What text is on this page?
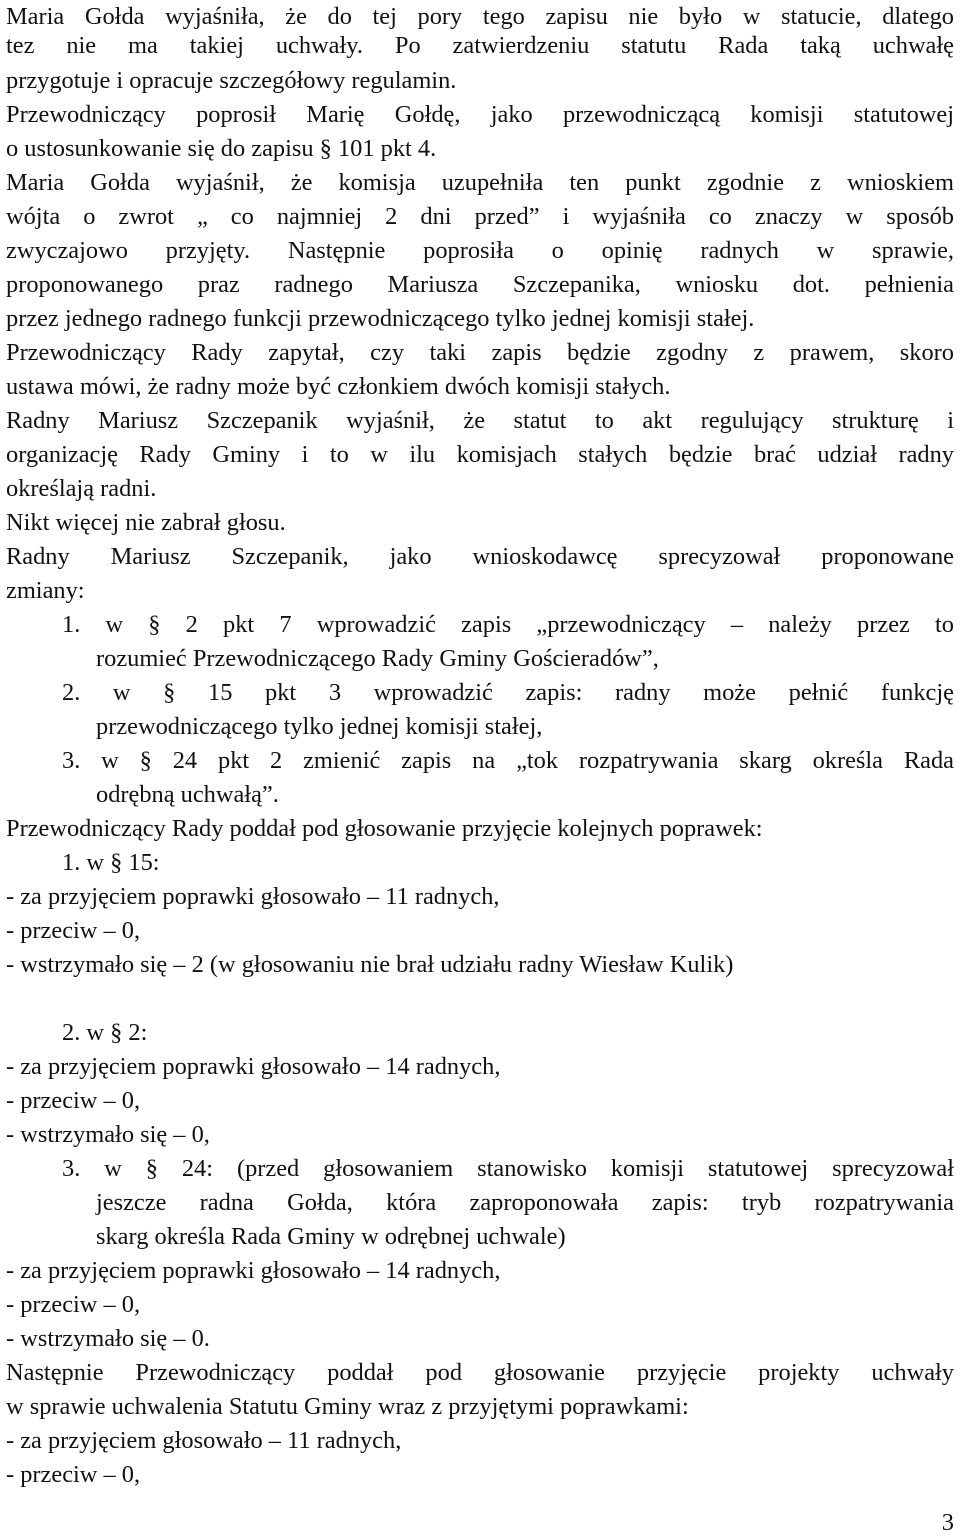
Maria Gołda wyjaśniła, że do tej pory tego zapisu nie było w statucie, dlatego
tez nie ma takiej uchwały. Po zatwierdzeniu statutu Rada taką uchwałę
przygotuje i opracuje szczegółowy regulamin.
Przewodniczący poprosił Marię Gołdę, jako przewodniczącą komisji statutowej
o ustosunkowanie się do zapisu § 101 pkt 4.
Maria Gołda wyjaśnił, że komisja uzupełniła ten punkt zgodnie z wnioskiem
wójta o zwrot „ co najmniej 2 dni przed” i wyjaśniła co znaczy w sposób
zwyczajowo przyjęty. Następnie poprosiła o opinię radnych w sprawie,
proponowanego praz radnego Mariusza Szczepanika, wniosku dot. pełnienia
przez jednego radnego funkcji przewodniczącego tylko jednej komisji stałej.
Przewodniczący Rady zapytał, czy taki zapis będzie zgodny z prawem, skoro
ustawa mówi, że radny może być członkiem dwóch komisji stałych.
Radny Mariusz Szczepanik wyjaśnił, że statut to akt regulujący strukturę i
organizację Rady Gminy i to w ilu komisjach stałych będzie brać udział radny
określają radni.
Nikt więcej nie zabrał głosu.
Radny Mariusz Szczepanik, jako wnioskodawcę sprecyzował proponowane
zmiany:
1. w § 2 pkt 7 wprowadzić zapis „przewodniczący – należy przez to
rozumieć Przewodniczącego Rady Gminy Gościeradów”,
2. w § 15 pkt 3 wprowadzić zapis: radny może pełnić funkcję
przewodniczącego tylko jednej komisji stałej,
3. w § 24 pkt 2 zmienić zapis na „tok rozpatrywania skarg określa Rada
odrębną uchwałą”.
Przewodniczący Rady poddał pod głosowanie przyjęcie kolejnych poprawek:
1. w § 15:
- za przyjęciem poprawki głosowało – 11 radnych,
- przeciw – 0,
- wstrzymało się – 2 (w głosowaniu nie brał udziału radny Wiesław Kulik)
2. w § 2:
- za przyjęciem poprawki głosowało – 14 radnych,
- przeciw – 0,
- wstrzymało się – 0,
3. w § 24: (przed głosowaniem stanowisko komisji statutowej sprecyzował
jeszcze radna Gołda, która zaproponowała zapis: tryb rozpatrywania
skarg określa Rada Gminy w odrębnej uchwale)
- za przyjęciem poprawki głosowało – 14 radnych,
- przeciw – 0,
- wstrzymało się – 0.
Następnie Przewodniczący poddał pod głosowanie przyjęcie projekty uchwały
w sprawie uchwalenia Statutu Gminy wraz z przyjętymi poprawkami:
- za przyjęciem głosowało – 11 radnych,
- przeciw – 0,
3
